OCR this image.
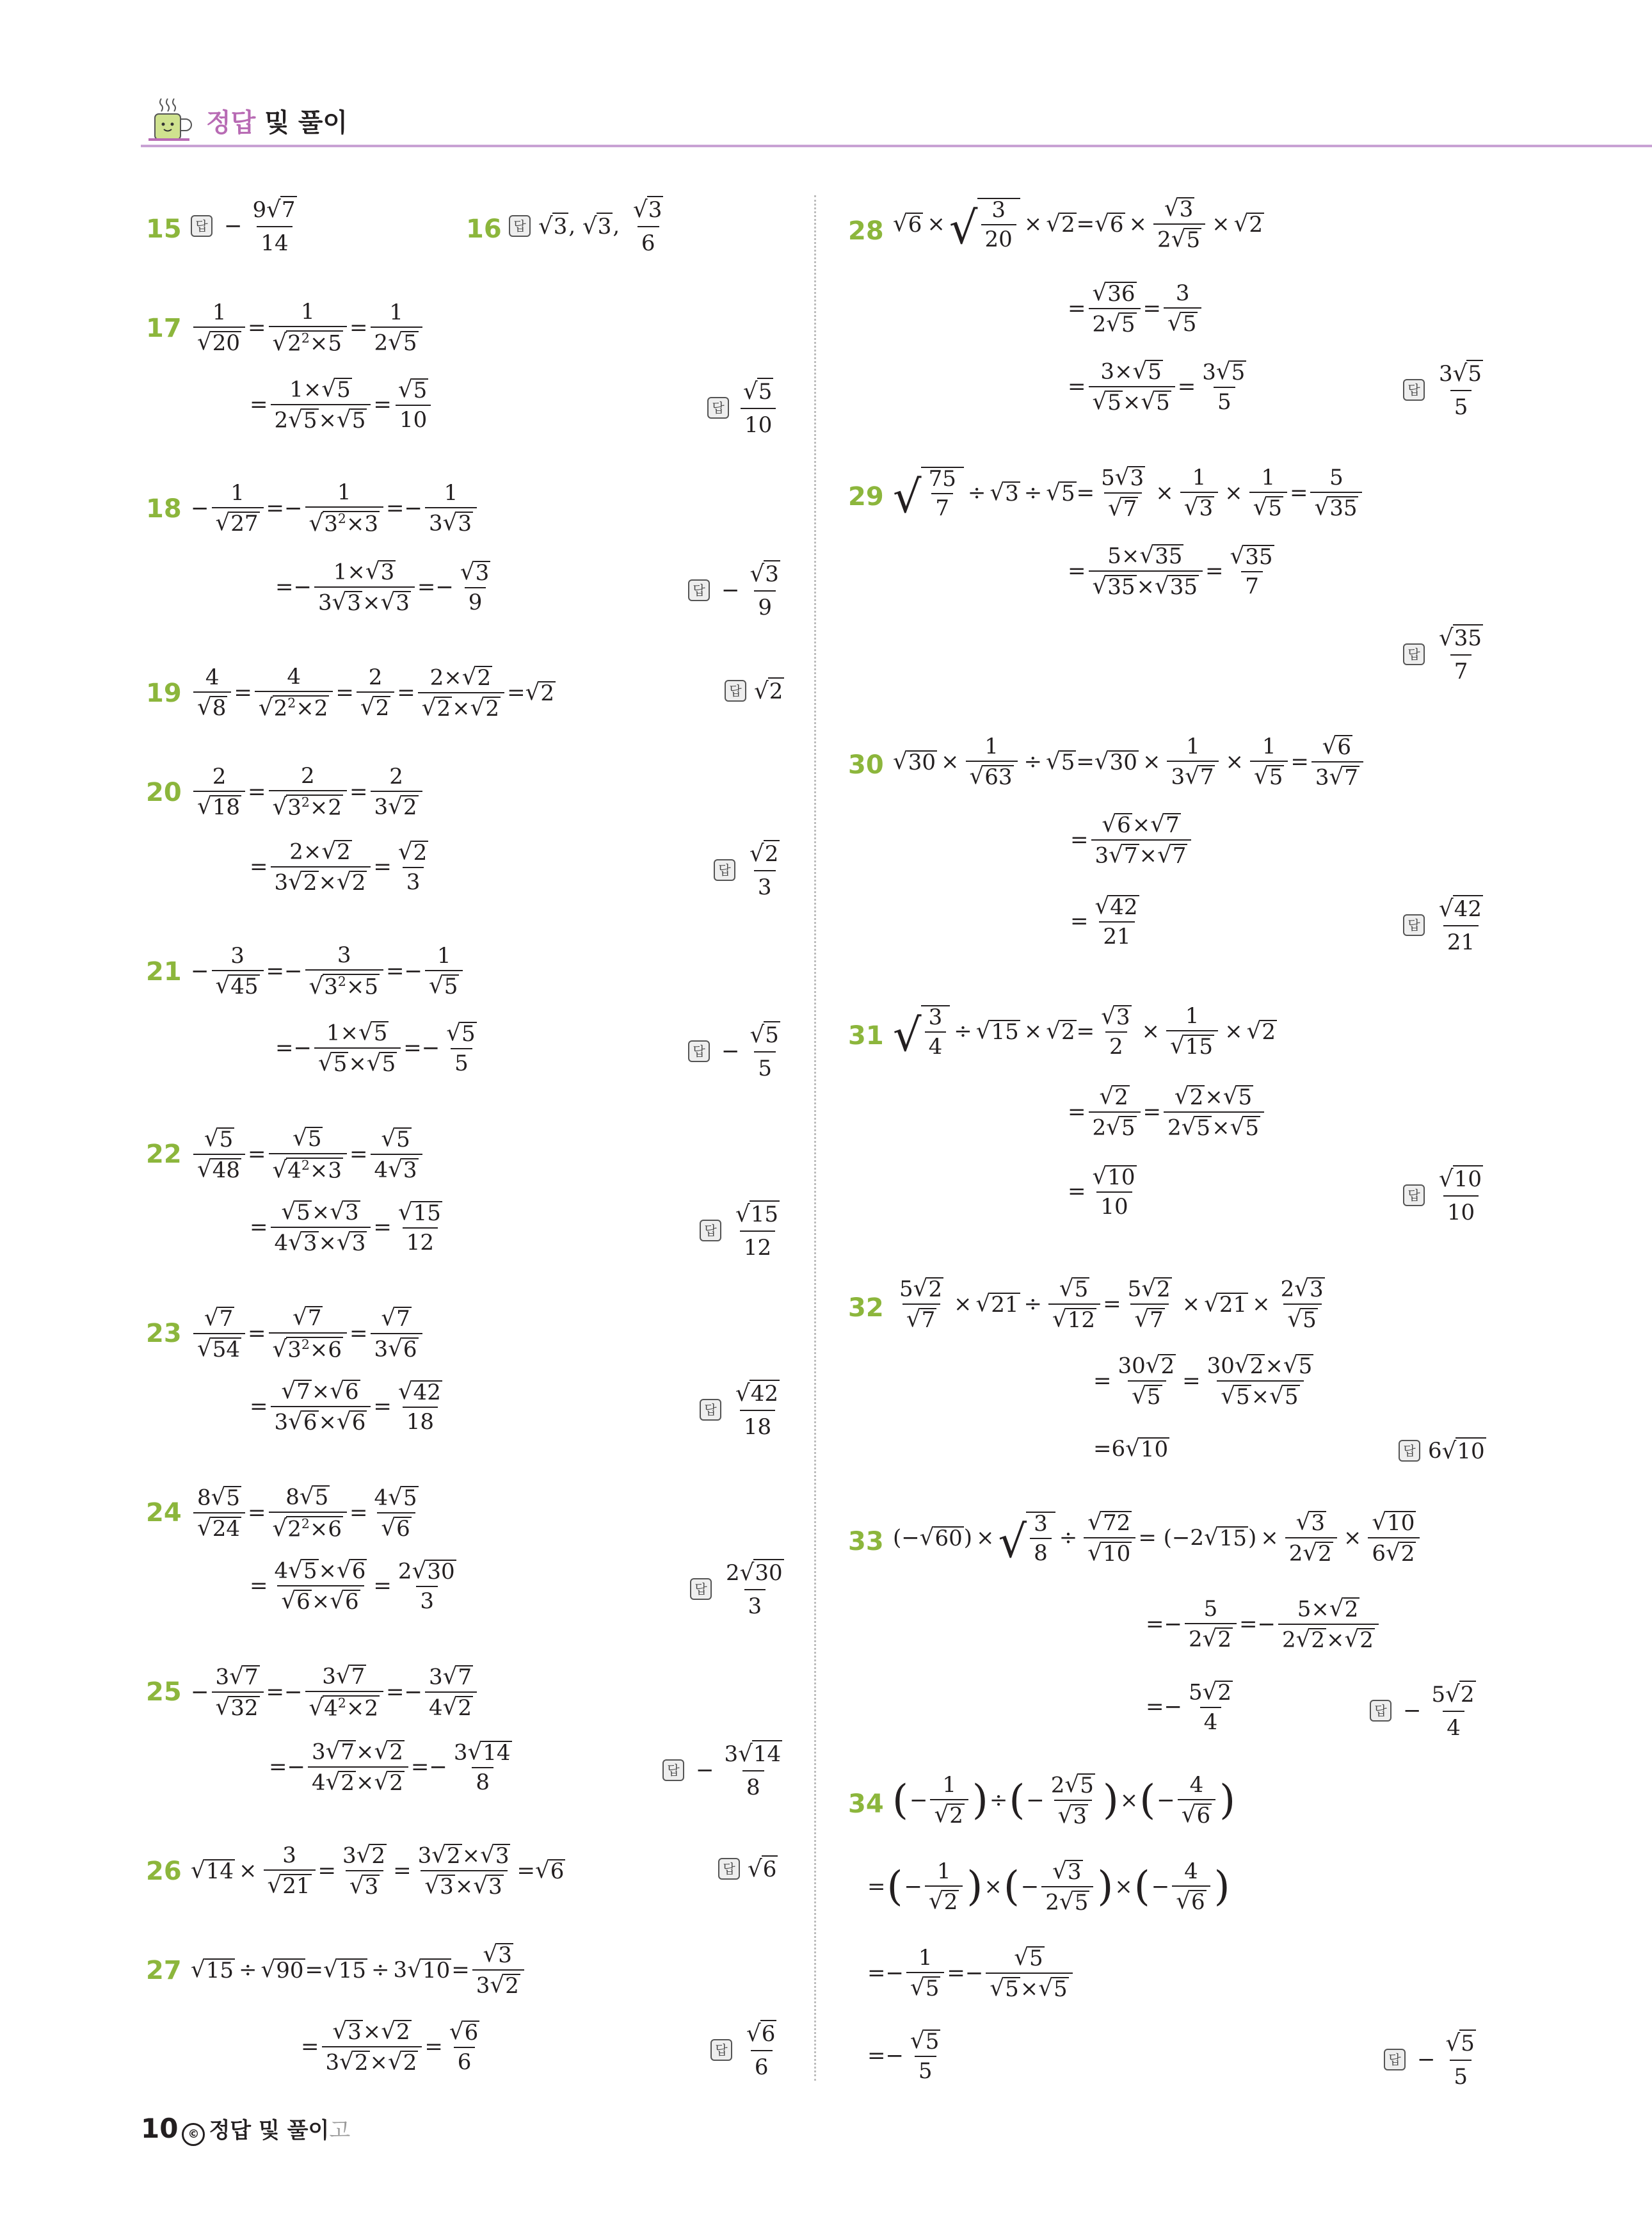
정답 및 풀이
15	답 − $\frac{9 √ 7}{14}$	16 답 √ 3 , √ 3 , $\frac{√ 3}{6}$
$17 \frac{1}{√ 20} = \frac{1}{√ 2^2\times 5} = \frac{1}{2 √ 5}$
= $\frac{1\times √ 5}{2 √ 5 \times √ 5} = \frac{√ 5}{10}$	답 $\frac{√ 5}{10}$
$18 - \frac{1}{√ 27} =- \frac{1}{√ 3^2\times 3} =- \frac{1}{3 √ 3}$
=− $\frac{1\times √ 3}{3 √ 3 \times √ 3} =- \frac{√ 3}{9}$	답 − $\frac{√ 3}{9}$
$19 \frac{4}{√ 8} = \frac{4}{√ 2^2\times 2} = \frac{2}{√ 2} = \frac{2\times √ 2}{√ 2 \times √ 2}$ = √ 2	답 √ 2
$20 \frac{2}{√ 18} = \frac{2}{√ 3^2\times 2} = \frac{2}{3 √ 2}$
= $\frac{2\times √ 2}{3 √ 2 \times √ 2} = \frac{√ 2}{3}$	답 $\frac{√ 2}{3}$
$21 - \frac{3}{√ 45} =- \frac{3}{√ 3^2\times 5} =- \frac{1}{√ 5}$
=− $\frac{1\times √ 5}{√ 5 \times √ 5} =- \frac{√ 5}{5}$	답 − $\frac{√ 5}{5}$
$22 \frac{√ 5}{√ 48} = \frac{√ 5}{√ 4^2\times 3} = \frac{√ 5}{4 √ 3}$
= $\frac{√ 5 \times √ 3}{4 √ 3 \times √ 3} = \frac{√ 15}{12}$	답 $\frac{√ 15}{12}$
$23 \frac{√ 7}{√ 54} = \frac{√ 7}{√ 3^2\times 6} = \frac{√ 7}{3 √ 6}$
= $\frac{√ 7 \times √ 6}{3 √ 6 \times √ 6} = \frac{√ 42}{18}$	답 $\frac{√ 42}{18}$
$24 \frac{8 √ 5}{√ 24} = \frac{8 √ 5}{√ 2^2\times 6} = \frac{4 √ 5}{√ 6}$
= $\frac{4 √ 5 \times √ 6}{√ 6 \times √ 6} = \frac{2 √ 30}{3}$	답 $\frac{2 √ 30}{3}$
$25 - \frac{3 √ 7}{√ 32} =- \frac{3 √ 7}{√ 4^2\times 2} =- \frac{3 √ 7}{4 √ 2}$
=− $\frac{3 √ 7 \times √ 2}{4 √ 2 \times √ 2} =- \frac{3 √ 14}{8}$	답 − $\frac{3 √ 14}{8}$
26 √ $14 \times \frac{3}{√ 21} = \frac{3 √ 2}{√ 3} = \frac{3 √ 2 \times √ 3}{√ 3 \times √ 3}$ = √ 6	답 √ 6
27 √ 15 ÷ √ 90 = √ 15 ÷ 3 √ $10 = \frac{√ 3}{3 √ 2}$
= $\frac{√ 3 \times √ 2}{3 √ 2 \times √ 2} = \frac{√ 6}{6}$	답 $\frac{√ 6}{6}$
28 √ 6 × √ $\frac{3}{20}$ × √ 2 = √ $6 \times \frac{√ 3}{2 √ 5}$ × √ 2
= $\frac{√ 36}{2 √ 5} = \frac{3}{√ 5}$
= $\frac{3\times √ 5}{√ 5 \times √ 5} = \frac{3 √ 5}{5}$	답 $\frac{3 √ 5}{5}$
29 √ $\frac{75}{7}$ ÷ √ 3 ÷ √ $5 = \frac{5 √ 3}{√ 7} \times \frac{1}{√ 3} \times \frac{1}{√ 5} = \frac{5}{√ 35}$
= $\frac{5\times √ 35}{√ 35 \times √ 35} = \frac{√ 35}{7}$
답 $\frac{√ 35}{7}$
30 √ $30 \times \frac{1}{√ 63}$ ÷ √ 5 = √ $30 \times \frac{1}{3 √ 7} \times \frac{1}{√ 5} = \frac{√ 6}{3 √ 7}$
= $\frac{√ 6 \times √ 7}{3 √ 7 \times √ 7}$
= $\frac{√ 42}{21}$	답 $\frac{√ 42}{21}$
31 √ $\frac{3}{4}$ ÷ √ 15 × √ $2 = \frac{√ 3}{2} \times \frac{1}{√ 15}$ × √ 2
= $\frac{√ 2}{2 √ 5} = \frac{√ 2 \times √ 5}{2 √ 5 \times √ 5}$
= $\frac{√ 10}{10}$	답 $\frac{√ 10}{10}$
$32 \frac{5 √ 2}{√ 7}$ × √ $21 \div \frac{√ 5}{√ 12} = \frac{5 √ 2}{√ 7}$ × √ $21 \times \frac{2 √ 3}{√ 5}$
= $\frac{30 √ 2}{√ 5} = \frac{30 √ 2 \times √ 5}{√ 5 \times √ 5}$
=6 √ 10	답 6 √ 10
33 (− √ 60 ) × √ $\frac{3}{8} \div \frac{√ 72}{√ 10} = (-2$ √ 15 ) × $\frac{√ 3}{2 √ 2} \times \frac{√ 10}{6 √ 2}$
=− $\frac{5}{2 √ 2} =- \frac{5\times √ 2}{2 √ 2 \times √ 2}$
=− $\frac{5 √ 2}{4}$	답 − $\frac{5 √ 2}{4}$
34 ( − $\frac{1}{√ 2}$ ) ÷ ( − $\frac{2 √ 5}{√ 3}$ ) × ( − $\frac{4}{√ 6}$ )
= ( − $\frac{1}{√ 2}$ ) × ( − $\frac{√ 3}{2 √ 5}$ ) × ( − $\frac{4}{√ 6}$ )
=− $\frac{1}{√ 5} =- \frac{√ 5}{√ 5 \times √ 5}$
=− $\frac{√ 5}{5}$	답 − $\frac{√ 5}{5}$
10 © 정답 및 풀이고
